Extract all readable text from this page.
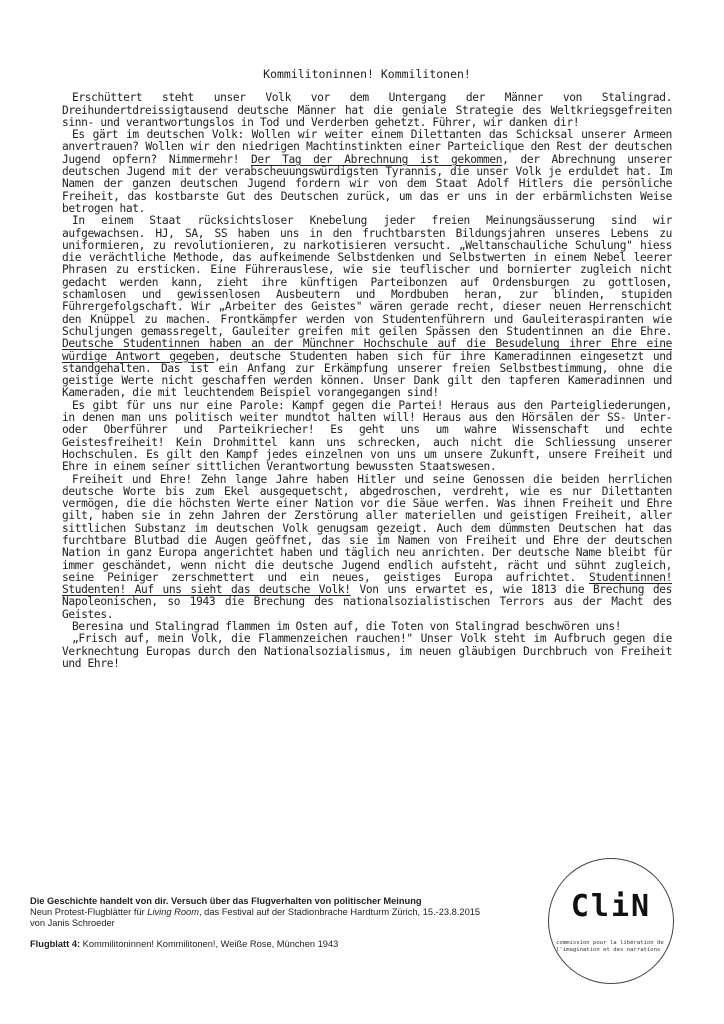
Kommilitoninnen! Kommilitonen!

Erschüttert steht unser Volk vor dem Untergang der Männer von Stalingrad. Dreihundertdreissigtausend deutsche Männer hat die geniale Strategie des Weltkriegsgefreiten sinn- und verantwortungslos in Tod und Verderben gehetzt. Führer, wir danken dir!

Es gärt im deutschen Volk: Wollen wir weiter einem Dilettanten das Schicksal unserer Armeen anvertrauen? Wollen wir den niedrigen Machtinstinkten einer Parteiclique den Rest der deutschen Jugend opfern? Nimmermehr! Der Tag der Abrechnung ist gekommen, der Abrechnung unserer deutschen Jugend mit der verabscheuungswürdigsten Tyrannis, die unser Volk je erduldet hat. Im Namen der ganzen deutschen Jugend fordern wir von dem Staat Adolf Hitlers die persönliche Freiheit, das kostbarste Gut des Deutschen zurück, um das er uns in der erbärmlichsten Weise betrogen hat.

In einem Staat rücksichtsloser Knebelung jeder freien Meinungsäusserung sind wir aufgewachsen. HJ, SA, SS haben uns in den fruchtbarsten Bildungsjahren unseres Lebens zu uniformieren, zu revolutionieren, zu narkotisieren versucht. „Weltanschauliche Schulung" hiess die verächtliche Methode, das aufkeimende Selbstdenken und Selbstwerten in einem Nebel leerer Phrasen zu ersticken. Eine Führerauslese, wie sie teuflischer und bornierter zugleich nicht gedacht werden kann, zieht ihre künftigen Parteibonzen auf Ordensburgen zu gottlosen, schamlosen und gewissenlosen Ausbeutern und Mordbuben heran, zur blinden, stupiden Führergefolgschaft. Wir „Arbeiter des Geistes" wären gerade recht, dieser neuen Herrenschicht den Knüppel zu machen. Frontkämpfer werden von Studentenführern und Gauleiteraspiranten wie Schuljungen gemassregelt, Gauleiter greifen mit geilen Spässen den Studentinnen an die Ehre. Deutsche Studentinnen haben an der Münchner Hochschule auf die Besudelung ihrer Ehre eine würdige Antwort gegeben, deutsche Studenten haben sich für ihre Kameradinnen eingesetzt und standgehalten. Das ist ein Anfang zur Erkämpfung unserer freien Selbstbestimmung, ohne die geistige Werte nicht geschaffen werden können. Unser Dank gilt den tapferen Kameradinnen und Kameraden, die mit leuchtendem Beispiel vorangegangen sind!

Es gibt für uns nur eine Parole: Kampf gegen die Partei! Heraus aus den Parteigliederungen, in denen man uns politisch weiter mundtot halten will! Heraus aus den Hörsälen der SS- Unter- oder Oberführer und Parteikriecher! Es geht uns um wahre Wissenschaft und echte Geistesfreiheit! Kein Drohmittel kann uns schrecken, auch nicht die Schliessung unserer Hochschulen. Es gilt den Kampf jedes einzelnen von uns um unsere Zukunft, unsere Freiheit und Ehre in einem seiner sittlichen Verantwortung bewussten Staatswesen.

Freiheit und Ehre! Zehn lange Jahre haben Hitler und seine Genossen die beiden herrlichen deutsche Worte bis zum Ekel ausgequetscht, abgedroschen, verdreht, wie es nur Dilettanten vermögen, die die höchsten Werte einer Nation vor die Säue werfen. Was ihnen Freiheit und Ehre gilt, haben sie in zehn Jahren der Zerstörung aller materiellen und geistigen Freiheit, aller sittlichen Substanz im deutschen Volk genugsam gezeigt. Auch dem dümmsten Deutschen hat das furchtbare Blutbad die Augen geöffnet, das sie im Namen von Freiheit und Ehre der deutschen Nation in ganz Europa angerichtet haben und täglich neu anrichten. Der deutsche Name bleibt für immer geschändet, wenn nicht die deutsche Jugend endlich aufsteht, rächt und sühnt zugleich, seine Peiniger zerschmettert und ein neues, geistiges Europa aufrichtet. Studentinnen! Studenten! Auf uns sieht das deutsche Volk! Von uns erwartet es, wie 1813 die Brechung des Napoleonischen, so 1943 die Brechung des nationalsozialistischen Terrors aus der Macht des Geistes.

Beresina und Stalingrad flammen im Osten auf, die Toten von Stalingrad beschwören uns!

„Frisch auf, mein Volk, die Flammenzeichen rauchen!" Unser Volk steht im Aufbruch gegen die Verknechtung Europas durch den Nationalsozialismus, im neuen gläubigen Durchbruch von Freiheit und Ehre!

Die Geschichte handelt von dir. Versuch über das Flugverhalten von politischer Meinung
Neun Protest-Flugblätter für Living Room, das Festival auf der Stadionbrache Hardturm Zürich, 15.-23.8.2015
von Janis Schroeder
Flugblatt 4: Kommilitoninnen! Kommilitonen!, Weiße Rose, München 1943
CliN
commission pour la libération de l'imagination et des narrations
